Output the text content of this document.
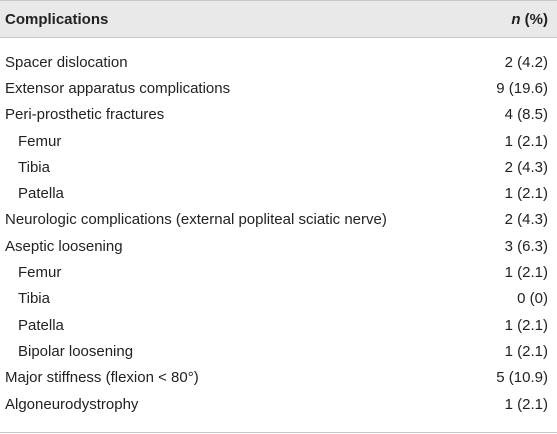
Complications	n (%)
Spacer dislocation	2 (4.2)
Extensor apparatus complications	9 (19.6)
Peri-prosthetic fractures	4 (8.5)
Femur	1 (2.1)
Tibia	2 (4.3)
Patella	1 (2.1)
Neurologic complications (external popliteal sciatic nerve)	2 (4.3)
Aseptic loosening	3 (6.3)
Femur	1 (2.1)
Tibia	0 (0)
Patella	1 (2.1)
Bipolar loosening	1 (2.1)
Major stiffness (flexion < 80°)	5 (10.9)
Algoneurodystrophy	1 (2.1)
